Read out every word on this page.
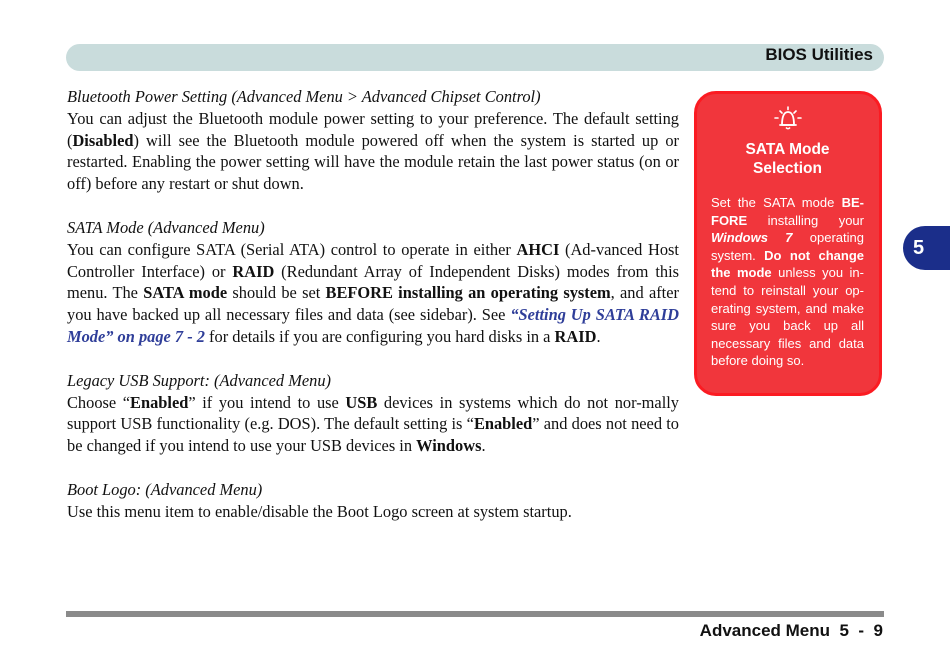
BIOS Utilities

Bluetooth Power Setting (Advanced Menu > Advanced Chipset Control)

You can adjust the Bluetooth module power setting to your preference. The default setting (Disabled) will see the Bluetooth module powered off when the system is started up or restarted. Enabling the power setting will have the module retain the last power status (on or off) before any restart or shut down.

SATA Mode (Advanced Menu)

You can configure SATA (Serial ATA) control to operate in either AHCI (Ad-vanced Host Controller Interface) or RAID (Redundant Array of Independent Disks) modes from this menu. The SATA mode should be set BEFORE installing an operating system, and after you have backed up all necessary files and data (see sidebar). See “Setting Up SATA RAID Mode” on page 7 - 2 for details if you are configuring you hard disks in a RAID.

Legacy USB Support: (Advanced Menu)

Choose “Enabled” if you intend to use USB devices in systems which do not nor-mally support USB functionality (e.g. DOS). The default setting is “Enabled” and does not need to be changed if you intend to use your USB devices in Windows.

Boot Logo: (Advanced Menu)

Use this menu item to enable/disable the Boot Logo screen at system startup.

SATA Mode
Selection
Set the SATA mode BE-FORE installing your Windows 7 operating system. Do not change the mode unless you in-tend to reinstall your op-erating system, and make sure you back up all necessary files and data before doing so.
5
Advanced Menu 5 - 9
